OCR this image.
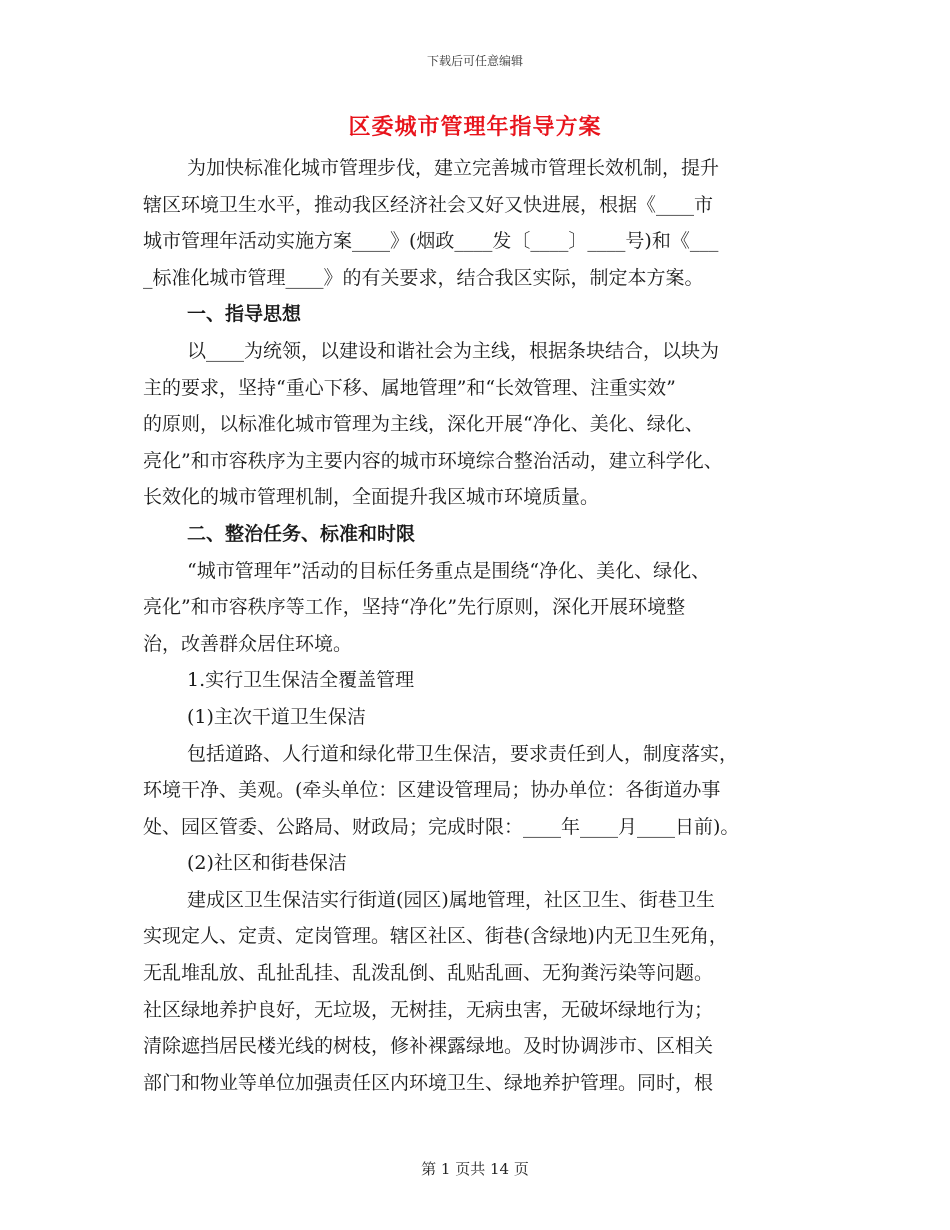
下载后可任意编辑
区委城市管理年指导方案
为加快标准化城市管理步伐，建立完善城市管理长效机制，提升
辖区环境卫生水平，推动我区经济社会又好又快进展，根据《____市
城市管理年活动实施方案____》(烟政____发〔____〕____号)和《___
_标准化城市管理____》的有关要求，结合我区实际，制定本方案。
一、指导思想
以____为统领，以建设和谐社会为主线，根据条块结合，以块为
主的要求，坚持“重心下移、属地管理”和“长效管理、注重实效”
的原则，以标准化城市管理为主线，深化开展“净化、美化、绿化、
亮化”和市容秩序为主要内容的城市环境综合整治活动，建立科学化、
长效化的城市管理机制，全面提升我区城市环境质量。
二、整治任务、标准和时限
“城市管理年”活动的目标任务重点是围绕“净化、美化、绿化、
亮化”和市容秩序等工作，坚持“净化”先行原则，深化开展环境整
治，改善群众居住环境。
1.实行卫生保洁全覆盖管理
(1)主次干道卫生保洁
包括道路、人行道和绿化带卫生保洁，要求责任到人，制度落实，
环境干净、美观。(牵头单位：区建设管理局；协办单位：各街道办事
处、园区管委、公路局、财政局；完成时限：____年____月____日前)。
(2)社区和街巷保洁
建成区卫生保洁实行街道(园区)属地管理，社区卫生、街巷卫生
实现定人、定责、定岗管理。辖区社区、街巷(含绿地)内无卫生死角，
无乱堆乱放、乱扯乱挂、乱泼乱倒、乱贴乱画、无狗粪污染等问题。
社区绿地养护良好，无垃圾，无树挂，无病虫害，无破坏绿地行为；
清除遮挡居民楼光线的树枝，修补裸露绿地。及时协调涉市、区相关
部门和物业等单位加强责任区内环境卫生、绿地养护管理。同时，根
第 1 页共 14 页
